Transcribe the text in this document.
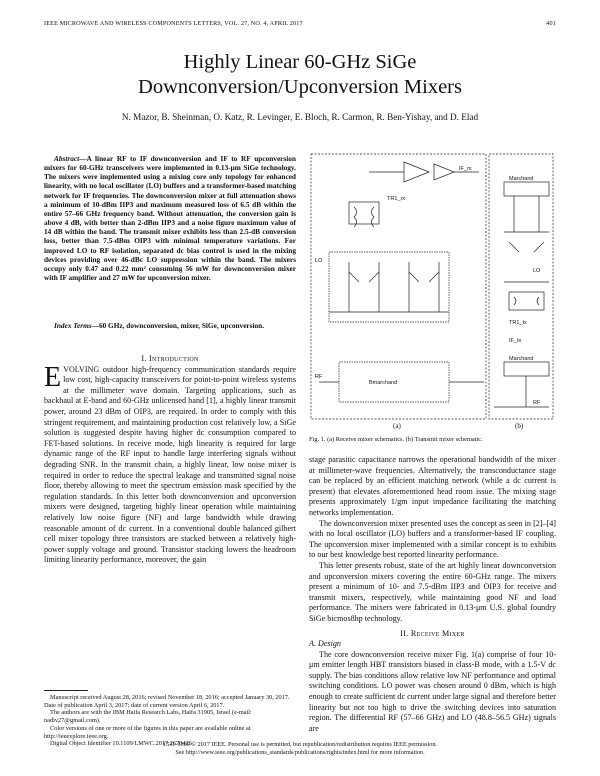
IEEE MICROWAVE AND WIRELESS COMPONENTS LETTERS, VOL. 27, NO. 4, APRIL 2017	401
Highly Linear 60-GHz SiGe
Downconversion/Upconversion Mixers
N. Mazor, B. Sheinman, O. Katz, R. Levinger, E. Bloch, R. Carmon, R. Ben-Yishay, and D. Elad
Abstract—A linear RF to IF downconversion and IF to RF upconversion mixers for 60-GHz transceivers were implemented in 0.13-μm SiGe technology. The mixers were implemented using a mixing core only topology for enhanced linearity, with no local oscillator (LO) buffers and a transformer-based matching network for IF frequencies. The downconversion mixer at full attenuation shows a minimum of 10-dBm IIP3 and maximum measured loss of 6.5 dB within the entire 57–66 GHz frequency band. Without attenuation, the conversion gain is above 4 dB, with better than 2-dBm IIP3 and a noise figure maximum value of 14 dB within the band. The transmit mixer exhibits less than 2.5-dB conversion loss, better than 7.5-dBm OIP3 with minimal temperature variations. For improved LO to RF isolation, separated dc bias control is used in the mixing devices providing over 46-dBc LO suppression within the band. The mixers occupy only 0.47 and 0.22 mm² consuming 56 mW for downconversion mixer with IF amplifier and 27 mW for upconversion mixer.
Index Terms—60 GHz, downconversion, mixer, SiGe, upconversion.
I. Introduction

EVOLVING outdoor high-frequency communication standards require low cost, high-capacity transceivers for point-to-point wireless systems at the millimeter wave domain. Targeting applications, such as backhaul at E-band and 60-GHz unlicensed band [1], a highly linear transmit power, around 23 dBm of OIP3, are required. In order to comply with this stringent requirement, and maintaining production cost relatively low, a SiGe solution is suggested despite having higher dc consumption compared to FET-based solutions. In receive mode, high linearity is required for large dynamic range of the RF input to handle large interfering signals without degrading SNR. In the transmit chain, a highly linear, low noise mixer is required in order to reduce the spectral leakage and transmitted signal noise floor, thereby allowing to meet the spectrum emission mask specified by the regulation standards. In this letter both downconversion and upconversion mixers were designed, targeting highly linear operation while maintaining relatively low noise figure (NF) and large bandwidth while drawing reasonable amount of dc current. In a conventional double balanced gilbert cell mixer topology three transistors are stacked between a relatively high-power supply voltage and ground. Transistor stacking lowers the headroom limiting linearity performance, moreover, the gain

Manuscript received August 28, 2016; revised November 18, 2016; accepted January 30, 2017. Date of publication April 3, 2017; date of current version April 6, 2017.

The authors are with the IBM Haifa Research Labs, Haifa 31905, Israel (e-mail: nadiv27@gmail.com).

Color versions of one or more of the figures in this paper are available online at http://ieeexplore.ieee.org.

Digital Object Identifier 10.1109/LMWC.2017.2678426

TR1_rx
TR1_tx
IF_rx
IF_tx
LO
RF
Bmarchand
Marchand
Marchand
LO
RF
(a)	(b)
Fig. 1. (a) Receive mixer schematics. (b) Transmit mixer schematic.

stage parasitic capacitance narrows the operational bandwidth of the mixer at millimeter-wave frequencies. Alternatively, the transconductance stage can be replaced by an efficient matching network (while a dc current is present) that elevates aforementioned head room issue. The mixing stage presents approximately 1/gm input impedance facilitating the matching networks implementation.

The downconversion mixer presented uses the concept as seen in [2]–[4] with no local oscillator (LO) buffers and a transformer-based IF coupling. The upconversion mixer implemented with a similar concept is to exhibits to our best knowledge best reported linearity performance.

This letter presents robust, state of the art highly linear downconversion and upconversion mixers covering the entire 60-GHz range. The mixers present a minimum of 10- and 7.5-dBm IIP3 and OIP3 for receive and transmit mixers, respectively, while maintaining good NF and load performance. The mixers were fabricated in 0.13-μm U.S. global foundry SiGe bicmos8hp technology.

II. Receive Mixer
A. Design

The core downconversion receive mixer Fig. 1(a) comprise of four 10-μm emitter length HBT transistors biased in class-B mode, with a 1.5-V dc supply. The bias conditions allow relative low NF performance and optimal switching conditions. LO power was chosen around 0 dBm, which is high enough to create sufficient dc current under large signal and therefore better linearity but not too high to drive the switching devices into saturation region. The differential RF (57–66 GHz) and LO (48.8–56.5 GHz) signals are

1531-1309 © 2017 IEEE. Personal use is permitted, but republication/redistribution requires IEEE permission.
See http://www.ieee.org/publications_standards/publications/rights/index.html for more information.
